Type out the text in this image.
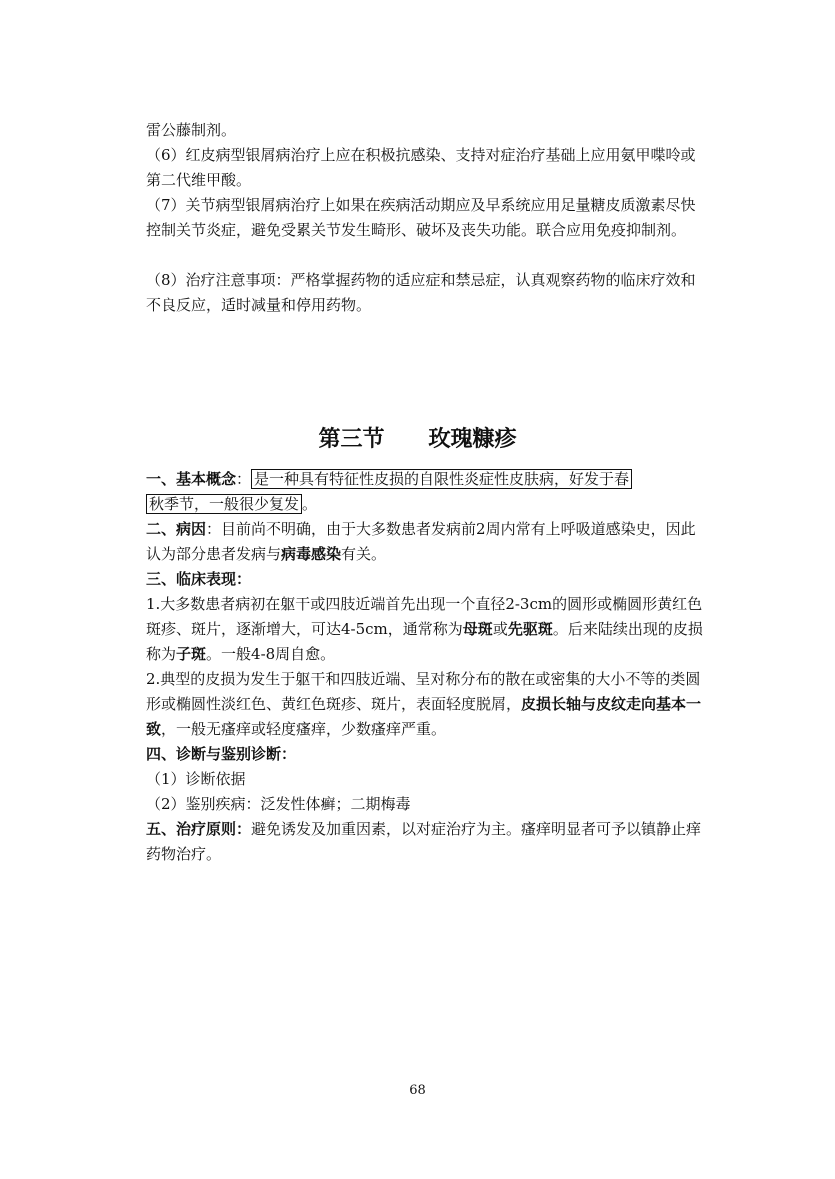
雷公藤制剂。

（6）红皮病型银屑病治疗上应在积极抗感染、支持对症治疗基础上应用氨甲喋呤或第二代维甲酸。

（7）关节病型银屑病治疗上如果在疾病活动期应及早系统应用足量糖皮质激素尽快控制关节炎症，避免受累关节发生畸形、破坏及丧失功能。联合应用免疫抑制剂。

（8）治疗注意事项：严格掌握药物的适应症和禁忌症，认真观察药物的临床疗效和不良反应，适时减量和停用药物。

第三节 玫瑰糠疹

一、基本概念： 是一种具有特征性皮损的自限性炎症性皮肤病，好发于春
秋季节，一般很少复发 。

二、病因：目前尚不明确，由于大多数患者发病前2周内常有上呼吸道感染史，因此认为部分患者发病与病毒感染有关。

三、临床表现：

1.大多数患者病初在躯干或四肢近端首先出现一个直径2-3cm的圆形或椭圆形黄红色斑疹、斑片，逐渐增大，可达4-5cm，通常称为母斑或先驱斑。后来陆续出现的皮损称为子斑。一般4-8周自愈。

2.典型的皮损为发生于躯干和四肢近端、呈对称分布的散在或密集的大小不等的类圆形或椭圆性淡红色、黄红色斑疹、斑片，表面轻度脱屑，皮损长轴与皮纹走向基本一致，一般无瘙痒或轻度瘙痒，少数瘙痒严重。

四、诊断与鉴别诊断：

（1）诊断依据

（2）鉴别疾病：泛发性体癣；二期梅毒

五、治疗原则：避免诱发及加重因素，以对症治疗为主。瘙痒明显者可予以镇静止痒药物治疗。

68
